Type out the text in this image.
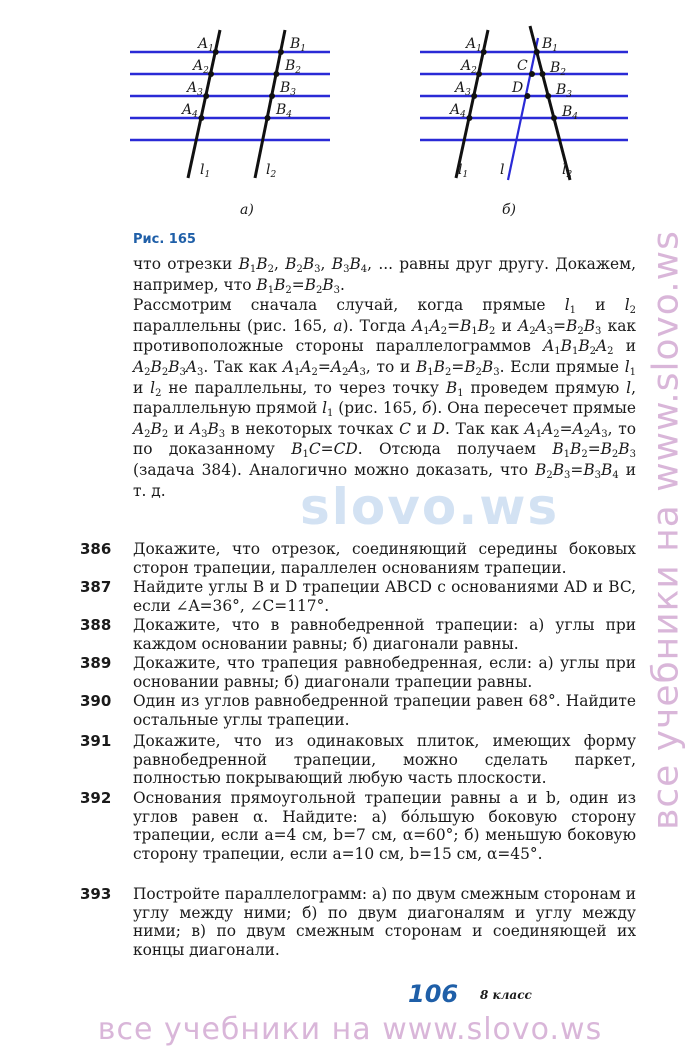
$A_1$
$A_2$
$A_3$
$A_4$
$B_1$
$B_2$
$B_3$
$B_4$
$l_1$	$l_2$
а)
$A_1$
$A_2$
$A_3$
$A_4$
$B_1$
$B_2$
$B_3$
$B_4$
C
D
$l_1$ l	$l_2$
б)
Рис. 165

что отрезки $B_1B_2$, $B_2B_3$, $B_3B_4$, ... равны друг другу. Докажем, например, что $B_1B_2=B_2B_3$.

Рассмотрим сначала случай, когда прямые $l_1$ и $l_2$ параллельны (рис. 165, а). Тогда $A_1A_2=B_1B_2$ и $A_2A_3=B_2B_3$ как противоположные стороны параллелограммов $A_1B_1B_2A_2$ и $A_2B_2B_3A_3$. Так как $A_1A_2=A_2A_3$, то и $B_1B_2=B_2B_3$. Если прямые $l_1$ и $l_2$ не параллельны, то через точку $B_1$ проведем прямую l, параллельную прямой $l_1$ (рис. 165, б). Она пересечет прямые $A_2B_2$ и $A_3B_3$ в некоторых точках C и D. Так как $A_1A_2=A_2A_3$, то по доказанному $B_1C=CD$. Отсюда получаем $B_1B_2=B_2B_3$ (задача 384). Аналогично можно доказать, что $B_2B_3=B_3B_4$ и т. д.

386	Докажите, что отрезок, соединяющий середины боковых сторон трапеции, параллелен основаниям трапеции.
387	Найдите углы B и D трапеции ABCD с основаниями AD и BC, если ∠A=36°, ∠C=117°.
388	Докажите, что в равнобедренной трапеции: а) углы при каждом основании равны; б) диагонали равны.
389	Докажите, что трапеция равнобедренная, если: а) углы при основании равны; б) диагонали трапеции равны.
390	Один из углов равнобедренной трапеции равен 68°. Найдите остальные углы трапеции.
391	Докажите, что из одинаковых плиток, имеющих форму равнобедренной трапеции, можно сделать паркет, полностью покрывающий любую часть плоскости.
392	Основания прямоугольной трапеции равны a и b, один из углов равен α. Найдите: а) бо́льшую боковую сторону трапеции, если a=4 см, b=7 см, α=60°; б) меньшую боковую сторону трапеции, если a=10 см, b=15 см, α=45°.
393	Постройте параллелограмм: а) по двум смежным сторонам и углу между ними; б) по двум диагоналям и углу между ними; в) по двум смежным сторонам и соединяющей их концы диагонали.
106 8 класс
slovo.ws все учебники на www.slovo.ws
все учебники на www.slovo.ws
